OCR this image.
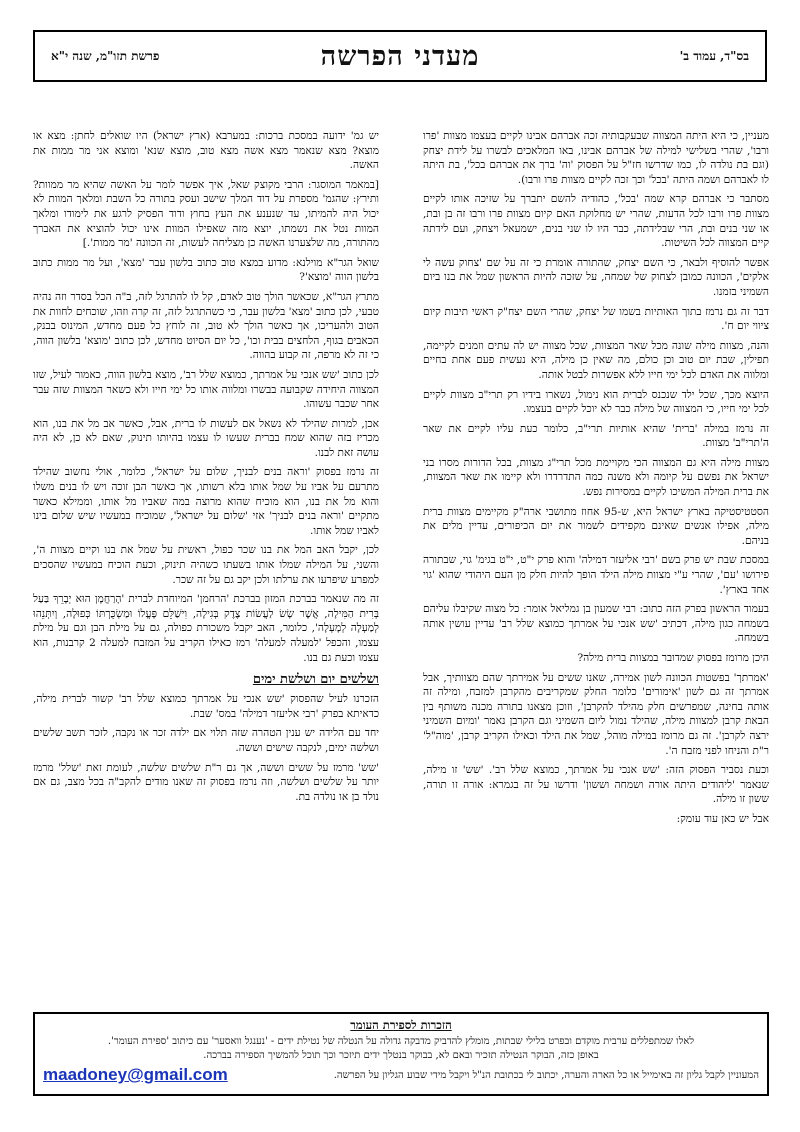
בס"ד, עמוד ב'
מעדני הפרשה
פרשת תזו"מ, שנה י"א

מעניין, כי היא היתה המצווה שבעקבותיה זכה אברהם אבינו לקיים בעצמו מצוות 'פרו ורבו', שהרי בשלישי למילה של אברהם אבינו, באו המלאכים לבשרו על לידת יצחק (וגם בת נולדה לו, כמו שדרשו חז"ל על הפסוק 'וה' ברך את אברהם בכל', בת היתה לו לאברהם ושמה היתה 'בכל' וכך זכה לקיים מצוות פרו ורבו).

מסתבר כי אברהם קרא שמה 'בכל', כהודיה להשם יתברך על שזיכה אותו לקיים מצוות פרו ורבו לכל הדעות, שהרי יש מחלוקת האם קיום מצוות פרו ורבו זה בן ובת, או שני בנים ובת, הרי שבלידתה, כבר היו לו שני בנים, ישמעאל ויצחק, ועם לידתה קיים המצווה לכל השיטות.

אפשר להוסיף ולבאר, כי השם יצחק, שהתורה אומרת כי זה על שם 'צחוק עשה לי אלקים', הכוונה כמובן לצחוק של שמחה, על שזכה להיות הראשון שמל את בנו ביום השמיני בזמנו.

דבר זה גם נרמז בתוך האותיות בשמו של יצחק, שהרי השם יצח"ק ראשי תיבות קיום ציווי יום ח'.

והנה, מצוות מילה שונה מכל שאר המצוות, שכל מצווה יש לה עתים וזמנים לקיימה, תפילין, שבת יום טוב וכן כולם, מה שאין כן מילה, היא נעשית פעם אחת בחיים ומלווה את האדם לכל ימי חייו ללא אפשרות לבטל אותה.

היוצא מכך, שכל ילד שנכנס לברית הוא נימול, נשארו בידיו רק תרי"ב מצוות לקיים לכל ימי חייו, כי המצווה של מילה כבר לא יוכל לקיים בעצמו.

זה נרמז במילה 'ברית' שהיא אותיות תרי"ב, כלומר כעת עליו לקיים את שאר ה'תרי"ב' מצוות.

מצוות מילה היא גם המצווה הכי מקויימת מכל תרי"ג מצוות, בכל הדורות מסרו בני ישראל את נפשם על קיומה ולא משנה כמה התדרדרו ולא קיימו את שאר המצוות, את ברית המילה המשיכו לקיים במסירות נפש.

הסטטיסטיקה בארץ ישראל היא, ש-95 אחוז מתושבי ארה"ק מקיימים מצוות ברית מילה, אפילו אנשים שאינם מקפידים לשמור את יום הכיפורים, עדיין מלים את בניהם.

במסכת שבת יש פרק בשם 'רבי אליעזר דמילה' והוא פרק י"ט, י"ט בגימ' גוי, שבתורה פירושו 'עם', שהרי ע"י מצוות מילה הילד הופך להיות חלק מן העם היהודי שהוא 'גוי אחד בארץ'.

בעמוד הראשון בפרק הזה כתוב: רבי שמעון בן גמליאל אומר: כל מצוה שקיבלו עליהם בשמחה כגון מילה, דכתיב 'שש אנכי על אמרתך כמוצא שלל רב' עדיין עושין אותה בשמחה.

היכן מרומז בפסוק שמדובר במצוות ברית מילה?

'אמרתך' בפשטות הכוונה לשון אמירה, שאנו ששים על אמירתך שהם מצוותיך, אבל אמרתך זה גם לשון 'אימורים' כלומר החלק שמקריבים מהקרבן למזבח, ומילה זה אותה בחינה, שמפרשים חלק מהילד להקרבן', וזוכן מצאנו בתורה מכנה משותף בין הבאת קרבן למצוות מילה, שהילד נמול ליום השמיני וגם הקרבן נאמר 'ומיום השמיני ירצה לקרבן'. זה גם מרומז במילה מוהל, שמל את הילד וכאילו הקריב קרבן, 'מוה"ל' ר"ת והניחו לפני מזבח ה'.

וכעת נסביר הפסוק הזה: 'שש אנכי על אמרתך, כמוצא שלל רב'. 'שש' זו מילה, שנאמר 'ליהודים היתה אורה ושמחה וששון' ודרשו על זה בגמרא: אורה זו תורה, ששון זו מילה.

אבל יש כאן עוד עומק:

יש גמ' ידועה במסכת ברכות: במערבא (ארץ ישראל) היו שואלים לחתן: מצא או מוצא? מצא שנאמר מצא אשה מצא טוב, מוצא שנא' ומוצא אני מר ממות את האשה.

[במאמר המוסגר: הרבי מקוצק שאל, איך אפשר לומר על האשה שהיא מר ממוות? ותירץ: שהגמ' מספרת על דוד המלך שישב ועסק בתורה כל השבת ומלאך המוות לא יכול היה להמיתו, עד שנענע את העץ בחוץ ודוד הפסיק לרגע את לימודו ומלאך המוות נטל את נשמתו, יוצא מזה שאפילו המוות אינו יכול להוציא את האברך מהתורה, מה שלצערנו האשה כן מצליחה לעשות, זה הכוונה 'מר ממות'.]

שואל הגר"א מוילנא: מדוע במצא טוב כתוב בלשון עבר 'מצא', ועל מר ממות כתוב בלשון הווה 'מוצא'?

מתרץ הגר"א, שכאשר הולך טוב לאדם, קל לו להתרגל לזה, ב"ה הכל בסדר וזה נהיה טבעי, לכן כתוב 'מצא' בלשון עבר, כי כשהתרגל לזה, זה קרה וזהו, שוכחים לחוות את הטוב ולהעריכו, אך כאשר הולך לא טוב, זה לוחץ כל פעם מחדש, המינוס בבנק, הכאבים בגוף, הלחצים בבית וכו', כל יום הסיוט מחדש, לכן כתוב 'מוצא' בלשון הווה, כי זה לא מרפה, זה קבוע בהווה.

לכן כתוב 'שש אנכי על אמרתך, כמוצא שלל רב', מוצא בלשון הווה, כאמור לעיל, שזו המצווה היחידה שקבועה בבשרו ומלווה אותו כל ימי חייו ולא כשאר המצוות שזה עבר אחר שכבר עשוהו.

אכן, למרות שהילד לא נשאל אם לעשות לו ברית, אבל, כאשר אב מל את בנו, הוא מכריז בזה שהוא שמח בברית שעשו לו עצמו בהיותו תינוק, שאם לא כן, לא היה עושה זאת לבנו.

זה נרמז בפסוק 'וראה בנים לבניך, שלום על ישראל', כלומר, אולי נחשוב שהילד מתרעם על אביו על שמל אותו בלא רשותו, אך כאשר הבן זוכה ויש לו בנים משלו והוא מל את בנו, הוא מוכיח שהוא מרוצה במה שאביו מל אותו, וממילא כאשר מתקיים 'וראה בנים לבניך' אזי 'שלום על ישראל', שמוכיח במעשיו שיש שלום בינו לאביו שמל אותו.

לכן, יקבל האב המל את בנו שכר כפול, ראשית על שמל את בנו וקיים מצוות ה', והשני, על המילה שמלו אותו בשעתו כשהיה תינוק, וכעת הוכיח במעשיו שהסכים למפרע שיפרעו את ערלתו ולכן יקב גם על זה שכר.

זה מה שנאמר בברכת המזון בברכת 'הרחמן' המיוחדת לברית 'הָרַחֲמָן הוּא יְבָרֵךְ בַּעַל בְּרִית הַמִּילָה, אֲשֶׁר שָׂשׂ לַעֲשׂוֹת צֶדֶק בְּגִילָה, וִישַׁלֵּם פָּעֳלוֹ וּמַשְׂכֻּרְתּוֹ כְּפוּלָה, וְיִתְּנֵהוּ לְמַעְלָה לְמָעְלָה', כלומר, האב יקבל משכורת כפולה, גם על מילת הבן וגם על מילת עצמו, והכפל 'למעלה למעלה' רמז כאילו הקריב על המזבח למעלה 2 קרבנות, הוא עצמו וכעת גם בנו.

ושלשים יום ושלשת ימים

הזכרנו לעיל שהפסוק 'שש אנכי על אמרתך כמוצא שלל רב' קשור לברית מילה, כדאיתא בפרק 'רבי אליעזר דמילה' במס' שבת.

יחד עם הלידה יש ענין הטהרה שזה תלוי אם ילדה זכר או נקבה, לזכר תשב שלשים ושלשה ימים, לנקבה שישים וששה.

'שש' מרמז על ששים וששה, אך גם ר"ת שלשים שלשה, לעומת זאת 'שלל' מרמז יותר על שלשים ושלשה, וזה נרמז בפסוק זה שאנו מודים להקב"ה בכל מצב, גם אם נולד בן או נולדה בת.

הזכרות לספירת העומר
לאלו שמתפללים ערבית מוקדם ובפרט בלילי שבתות, מומלץ להדביק מדבקה גדולה על הנטלה של נטילת ידים - 'נענגל וואסער' עם כיתוב 'ספירת העומר'.
באופן כזה, הבוקר הנטילה תזכיר ובאם לא, בבוקר בנטלך ידים תיזכר וכך תוכל להמשיך הספירה בברכה.
המעוניין לקבל גליון זה באימייל או כל הארה והערה, יכתוב לי בכתובת הנ"ל ויקבל מידי שבוע הגליון על הפרשה.
maadoney@gmail.com
